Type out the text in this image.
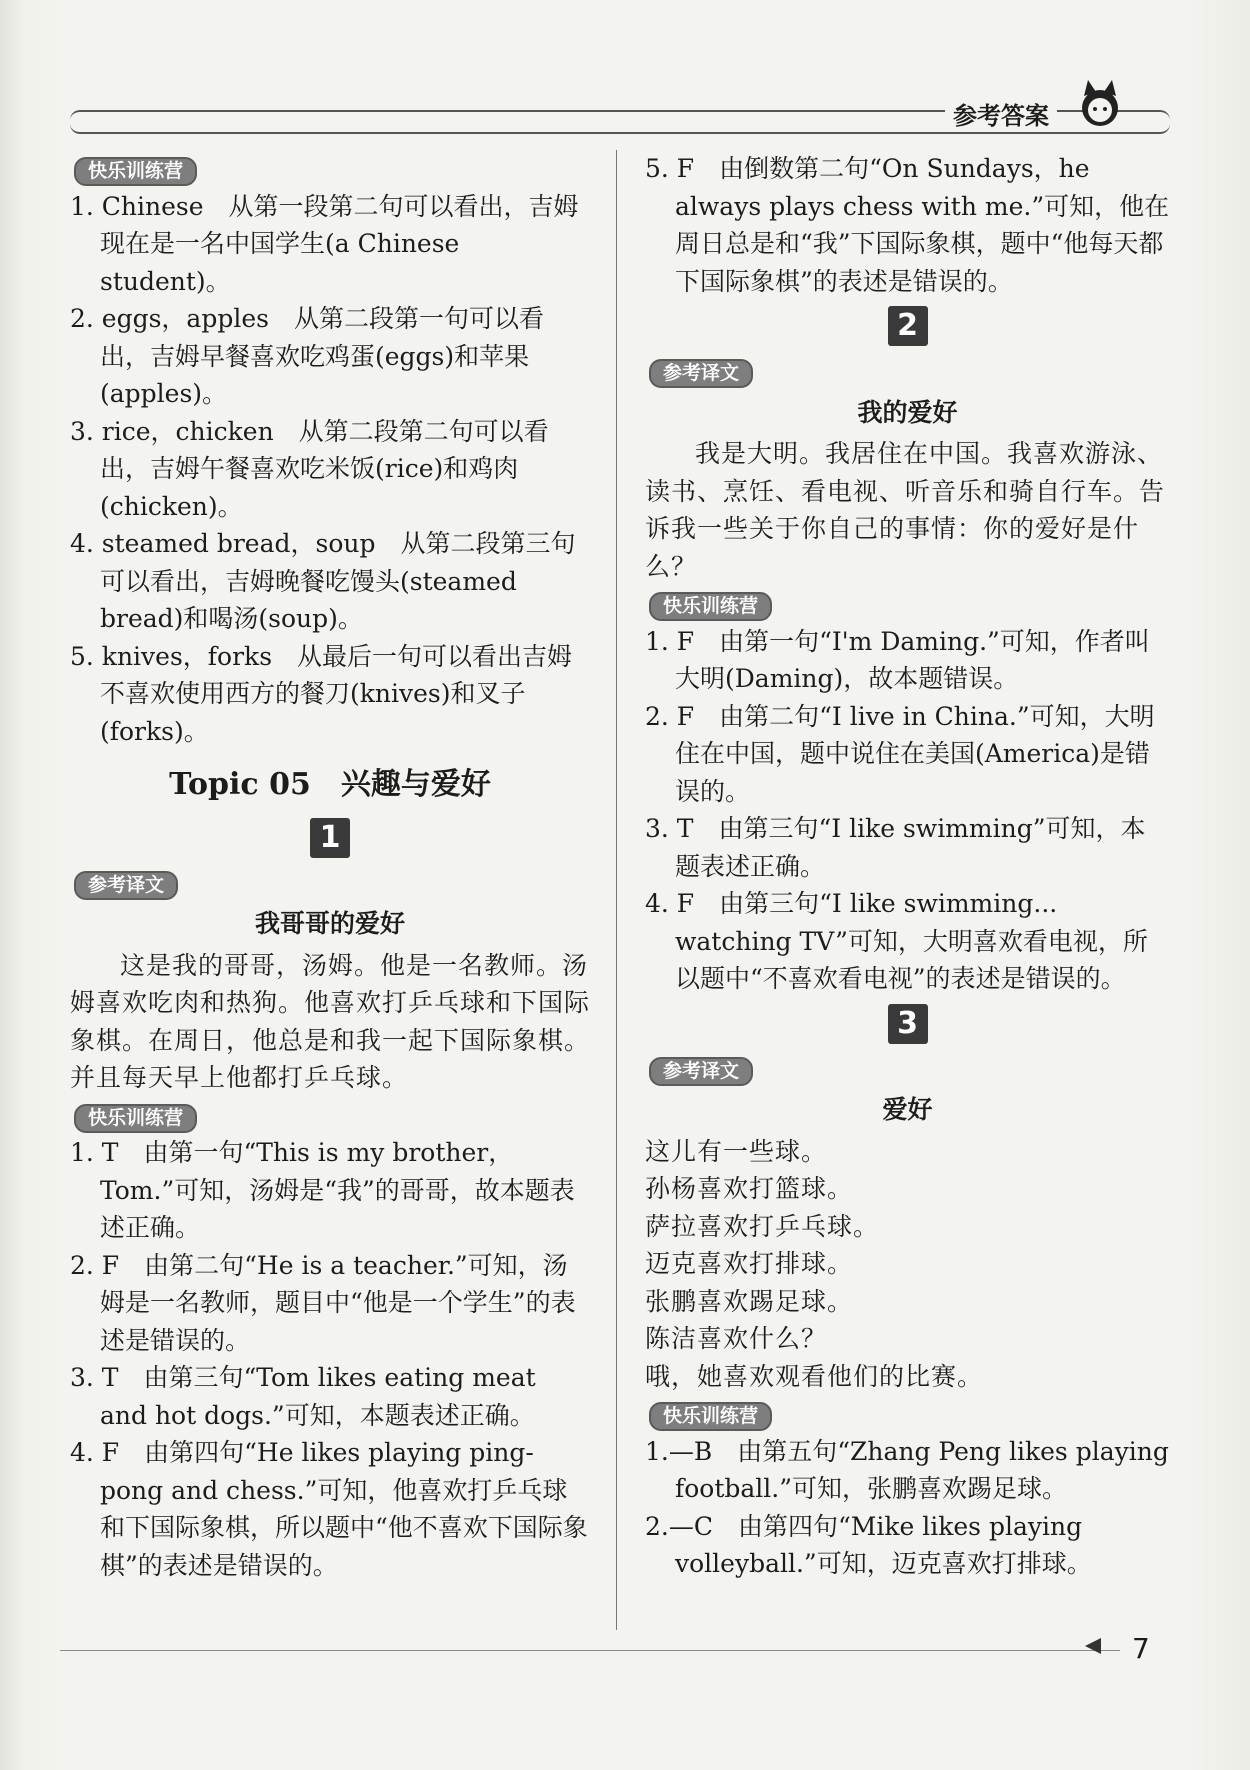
参考答案
快乐训练营

1. Chinese　从第一段第二句可以看出，吉姆现在是一名中国学生(a Chinese student)。

2. eggs，apples　从第二段第一句可以看出，吉姆早餐喜欢吃鸡蛋(eggs)和苹果(apples)。

3. rice，chicken　从第二段第二句可以看出，吉姆午餐喜欢吃米饭(rice)和鸡肉(chicken)。

4. steamed bread，soup　从第二段第三句可以看出，吉姆晚餐吃馒头(steamed bread)和喝汤(soup)。

5. knives，forks　从最后一句可以看出吉姆不喜欢使用西方的餐刀(knives)和叉子(forks)。

Topic 05　兴趣与爱好
1
参考译文
我哥哥的爱好

这是我的哥哥，汤姆。他是一名教师。汤姆喜欢吃肉和热狗。他喜欢打乒乓球和下国际象棋。在周日，他总是和我一起下国际象棋。并且每天早上他都打乒乓球。

快乐训练营

1. T　由第一句“This is my brother，Tom.”可知，汤姆是“我”的哥哥，故本题表述正确。

2. F　由第二句“He is a teacher.”可知，汤姆是一名教师，题目中“他是一个学生”的表述是错误的。

3. T　由第三句“Tom likes eating meat and hot dogs.”可知，本题表述正确。

4. F　由第四句“He likes playing ping-pong and chess.”可知，他喜欢打乒乓球和下国际象棋，所以题中“他不喜欢下国际象棋”的表述是错误的。

5. F　由倒数第二句“On Sundays，he always plays chess with me.”可知，他在周日总是和“我”下国际象棋，题中“他每天都下国际象棋”的表述是错误的。

2
参考译文
我的爱好

我是大明。我居住在中国。我喜欢游泳、读书、烹饪、看电视、听音乐和骑自行车。告诉我一些关于你自己的事情：你的爱好是什么？

快乐训练营

1. F　由第一句“I'm Daming.”可知，作者叫大明(Daming)，故本题错误。

2. F　由第二句“I live in China.”可知，大明住在中国，题中说住在美国(America)是错误的。

3. T　由第三句“I like swimming”可知，本题表述正确。

4. F　由第三句“I like swimming... watching TV”可知，大明喜欢看电视，所以题中“不喜欢看电视”的表述是错误的。

3
参考译文
爱好

这儿有一些球。

孙杨喜欢打篮球。

萨拉喜欢打乒乓球。

迈克喜欢打排球。

张鹏喜欢踢足球。

陈洁喜欢什么？

哦，她喜欢观看他们的比赛。

快乐训练营

1.—B　由第五句“Zhang Peng likes playing football.”可知，张鹏喜欢踢足球。

2.—C　由第四句“Mike likes playing volleyball.”可知，迈克喜欢打排球。

7
